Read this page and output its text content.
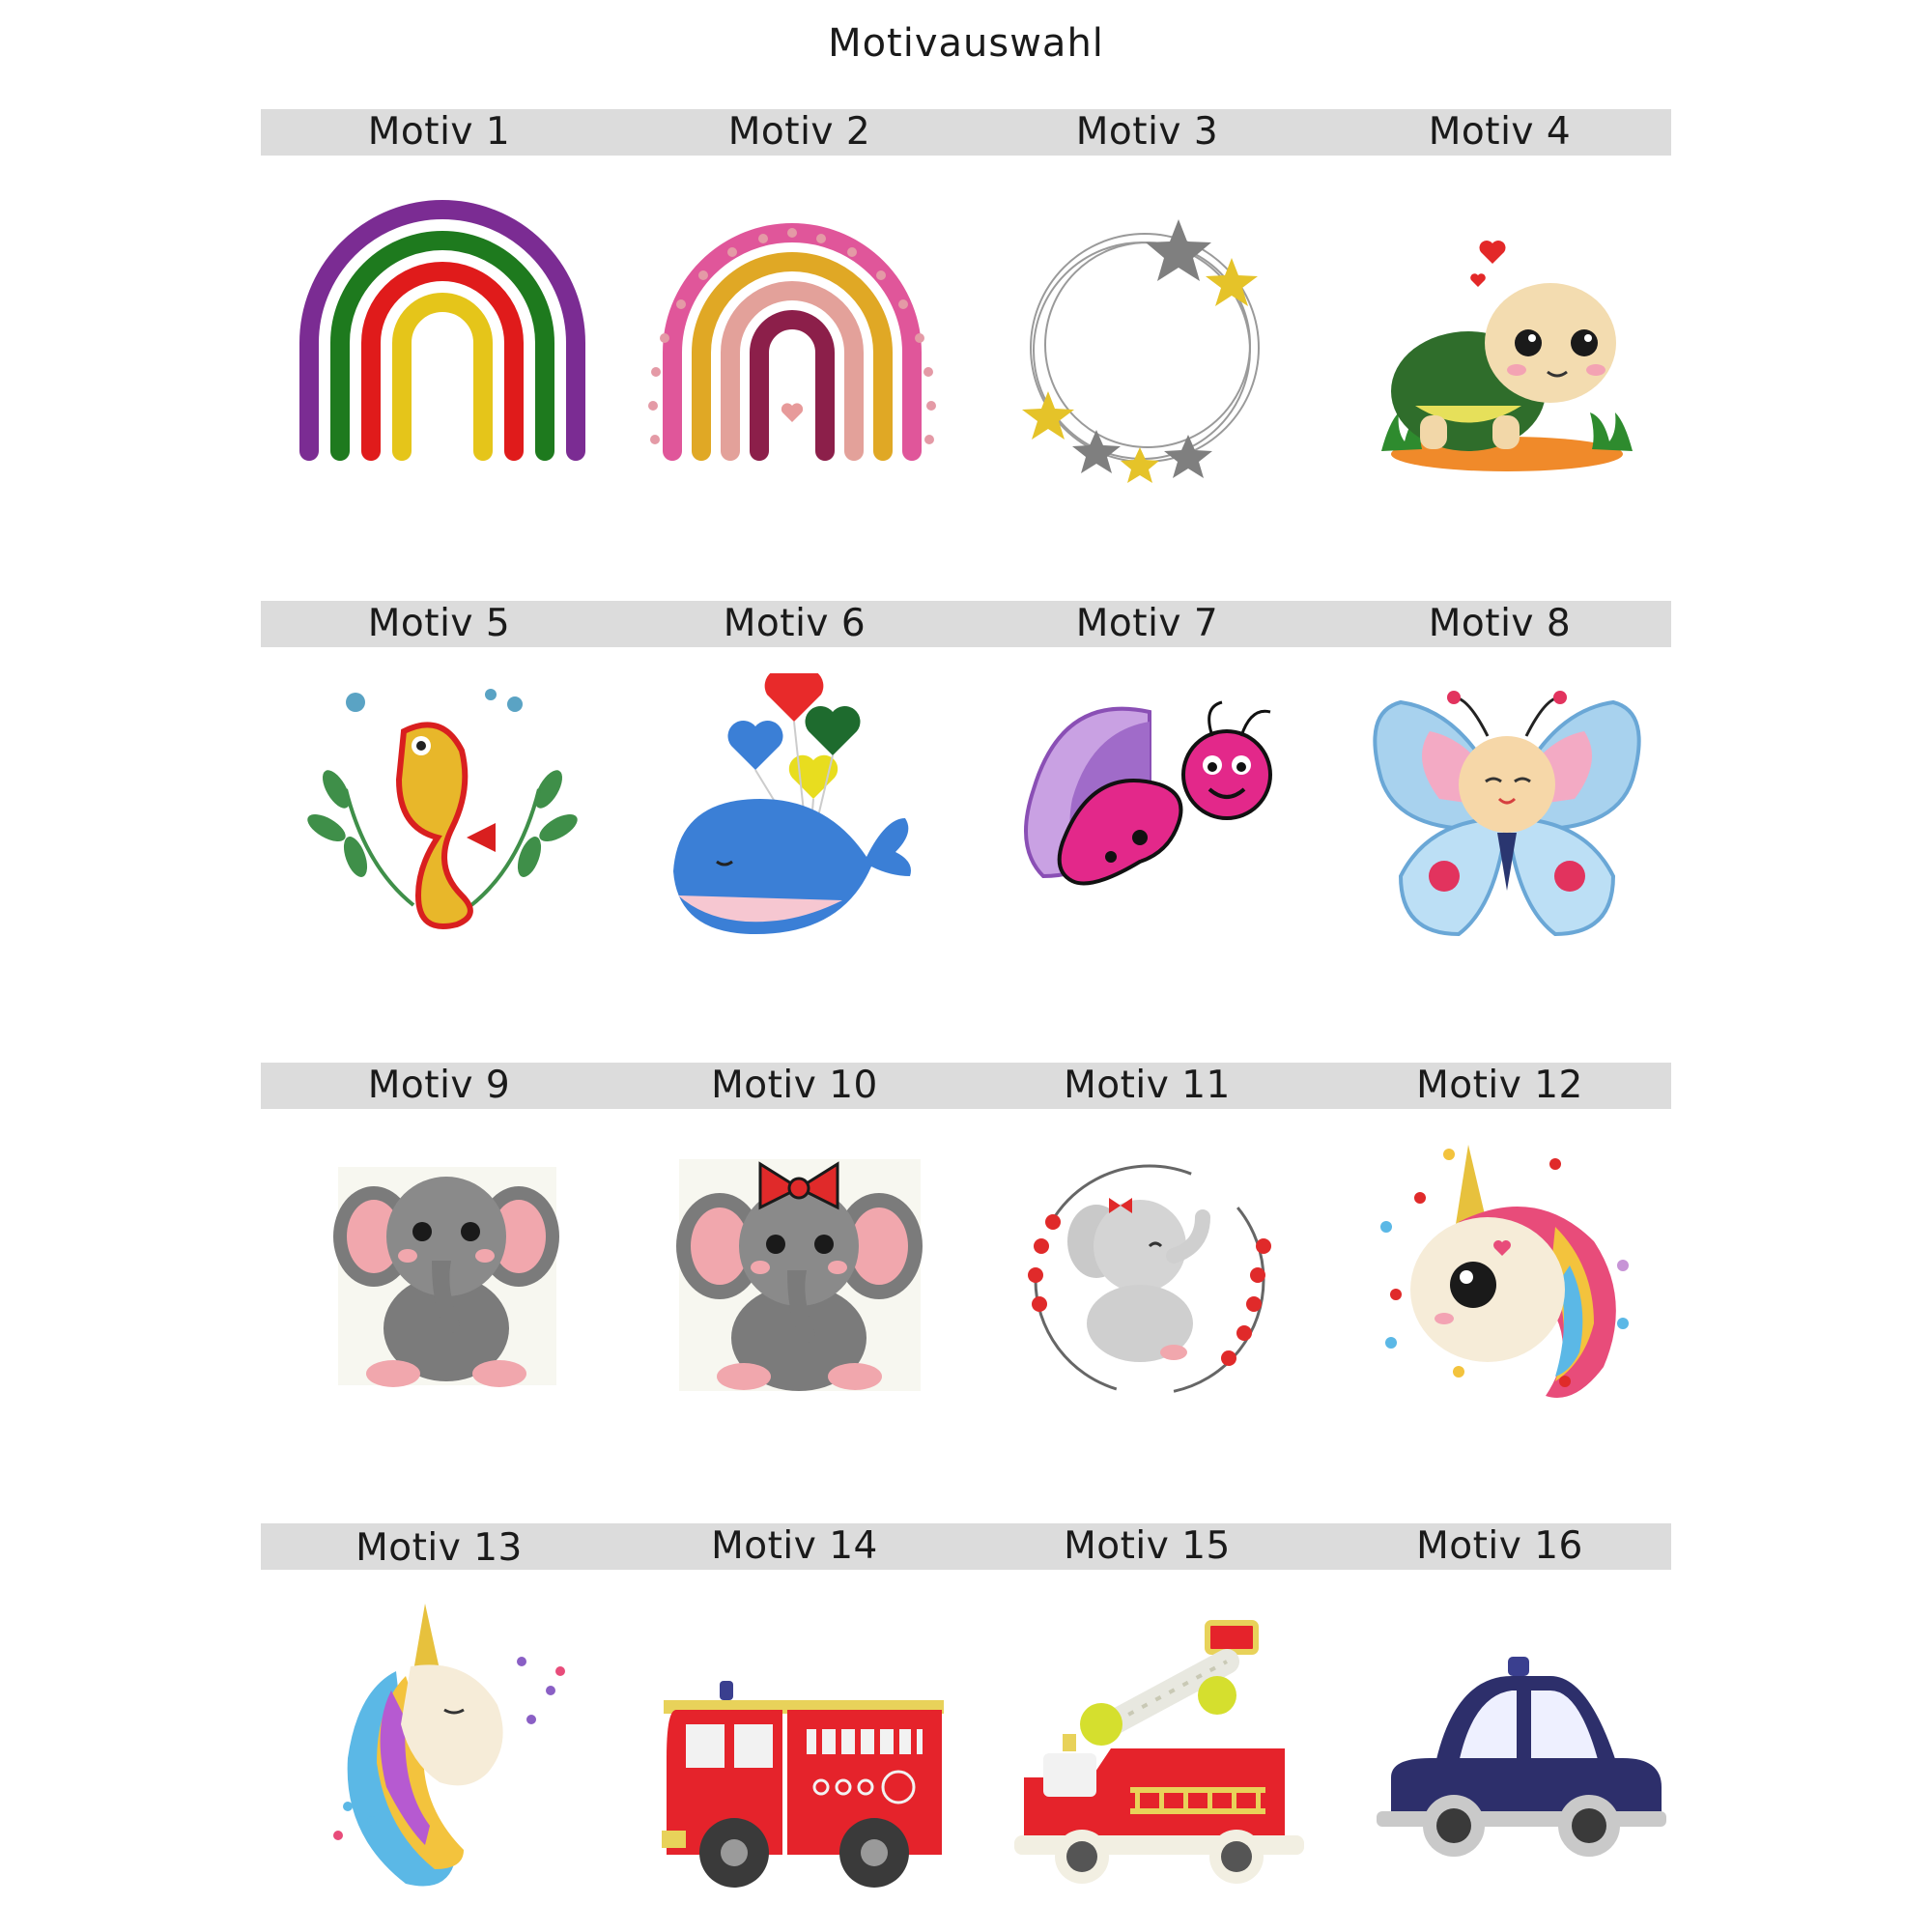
Motivauswahl
Motiv 1	Motiv 2	Motiv 3	Motiv 4
Motiv 5	Motiv 6	Motiv 7	Motiv 8
Motiv 9	Motiv 10	Motiv 11	Motiv 12
Motiv 13	Motiv 14	Motiv 15	Motiv 16
